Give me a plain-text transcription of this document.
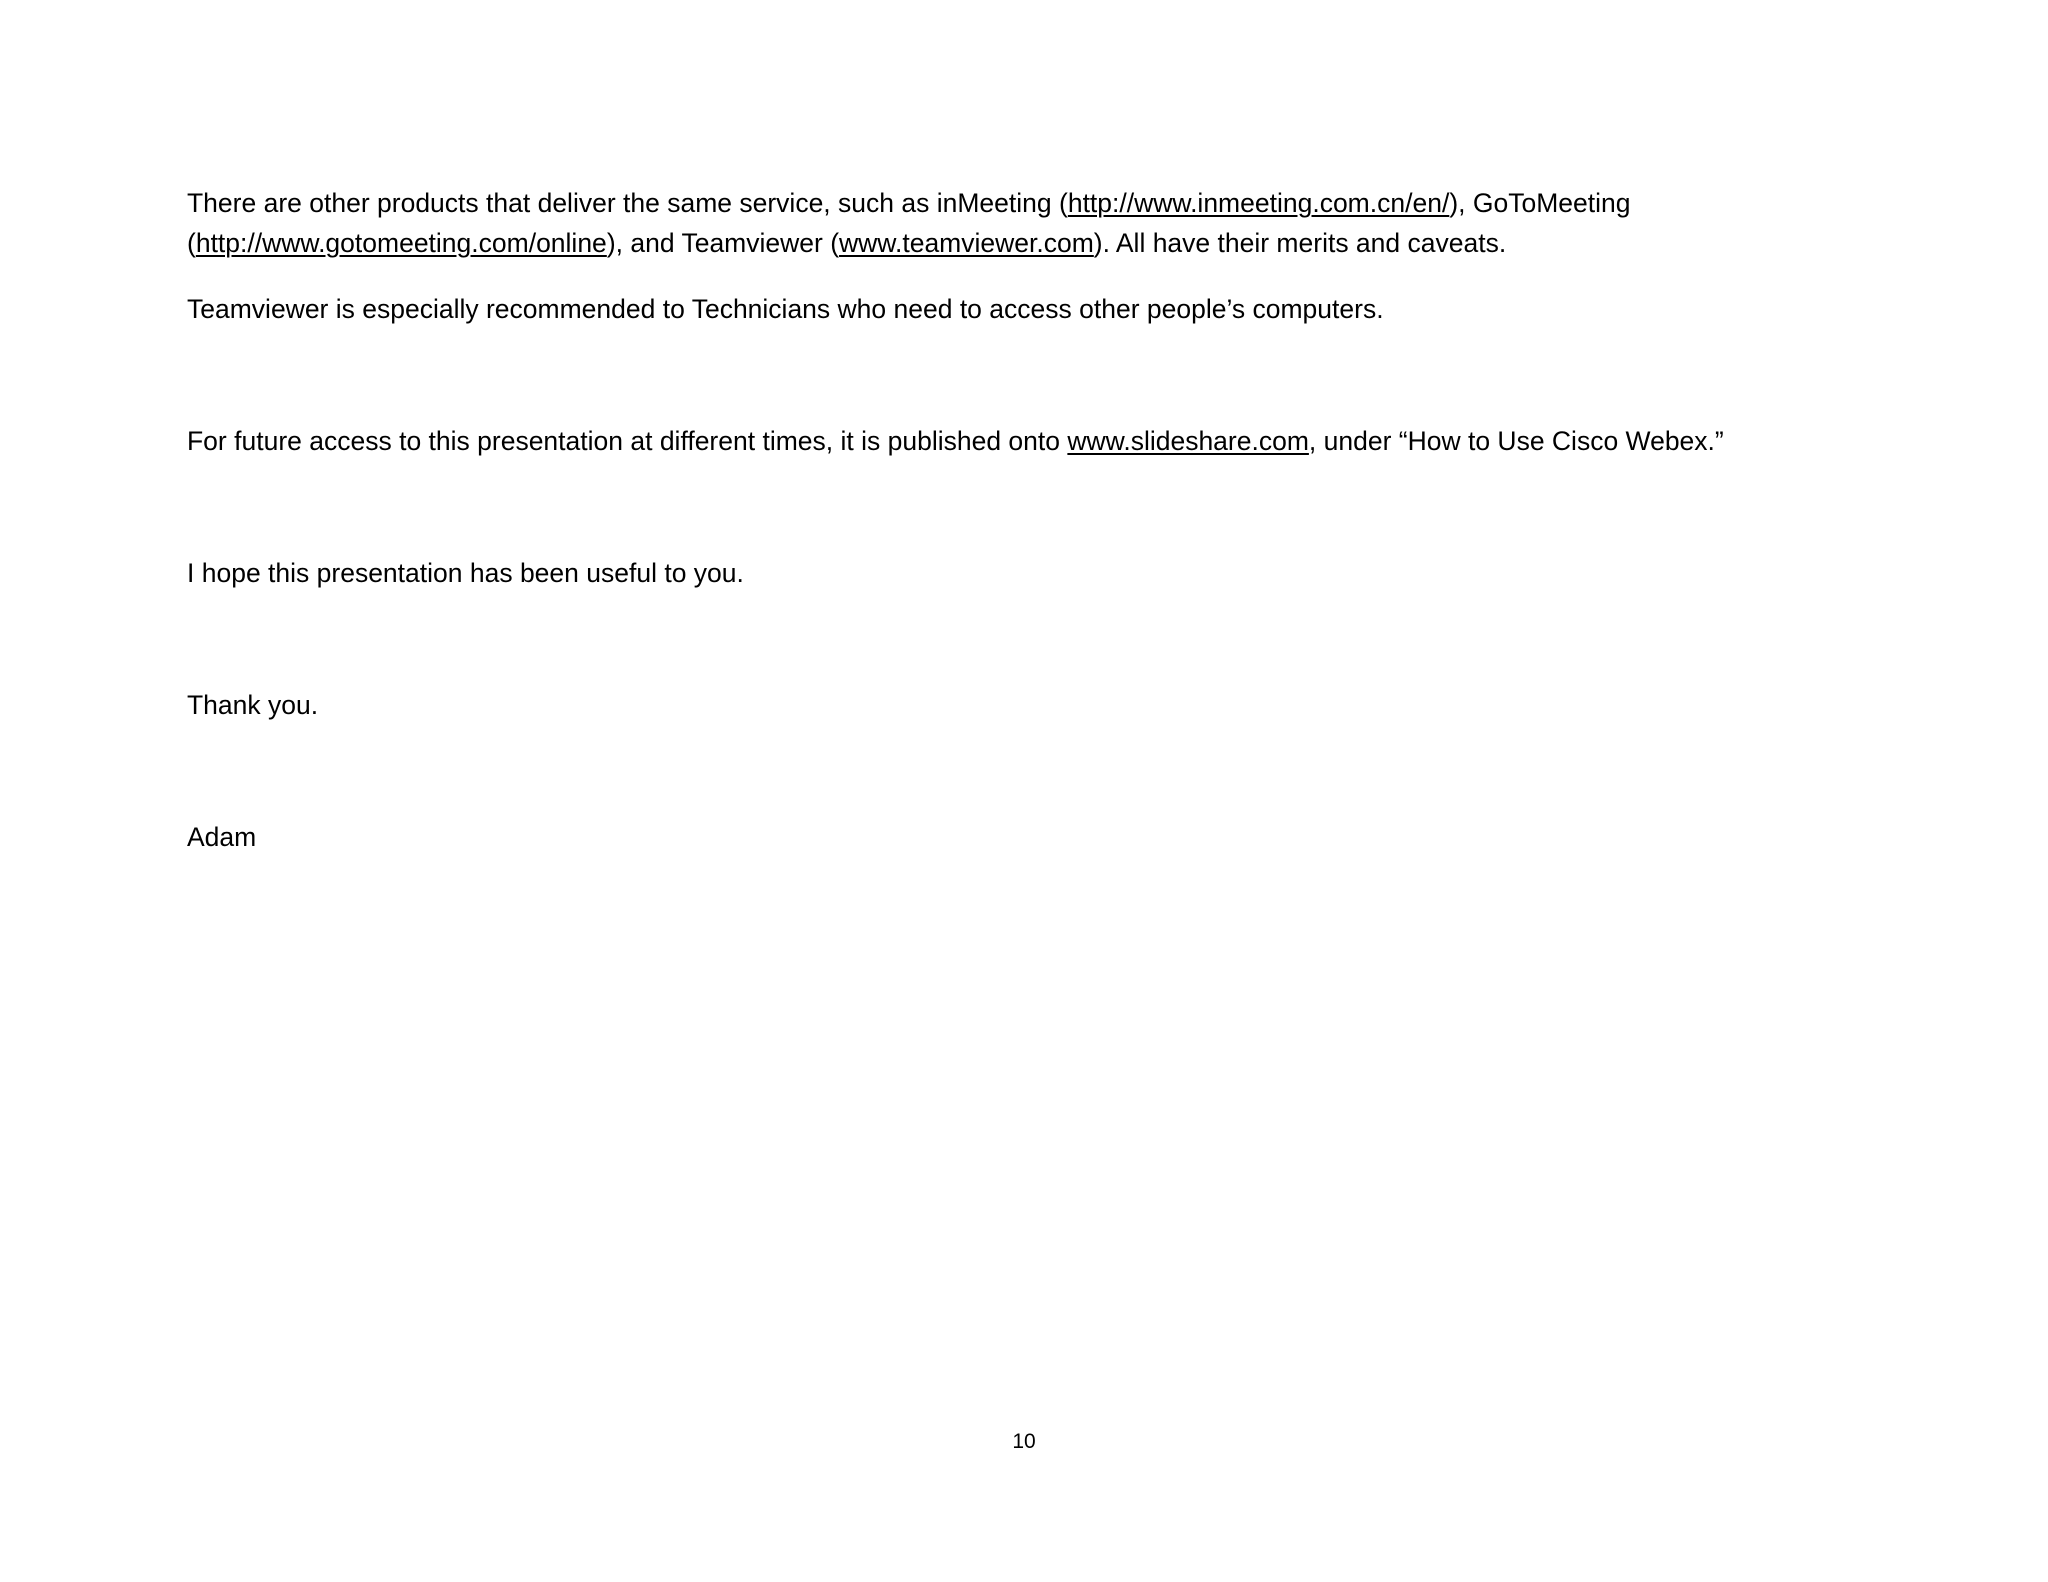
There are other products that deliver the same service, such as inMeeting (http://www.inmeeting.com.cn/en/), GoToMeeting
(http://www.gotomeeting.com/online), and Teamviewer (www.teamviewer.com). All have their merits and caveats.

Teamviewer is especially recommended to Technicians who need to access other people’s computers.

For future access to this presentation at different times, it is published onto www.slideshare.com, under “How to Use Cisco Webex.”

I hope this presentation has been useful to you.

Thank you.

Adam

10
